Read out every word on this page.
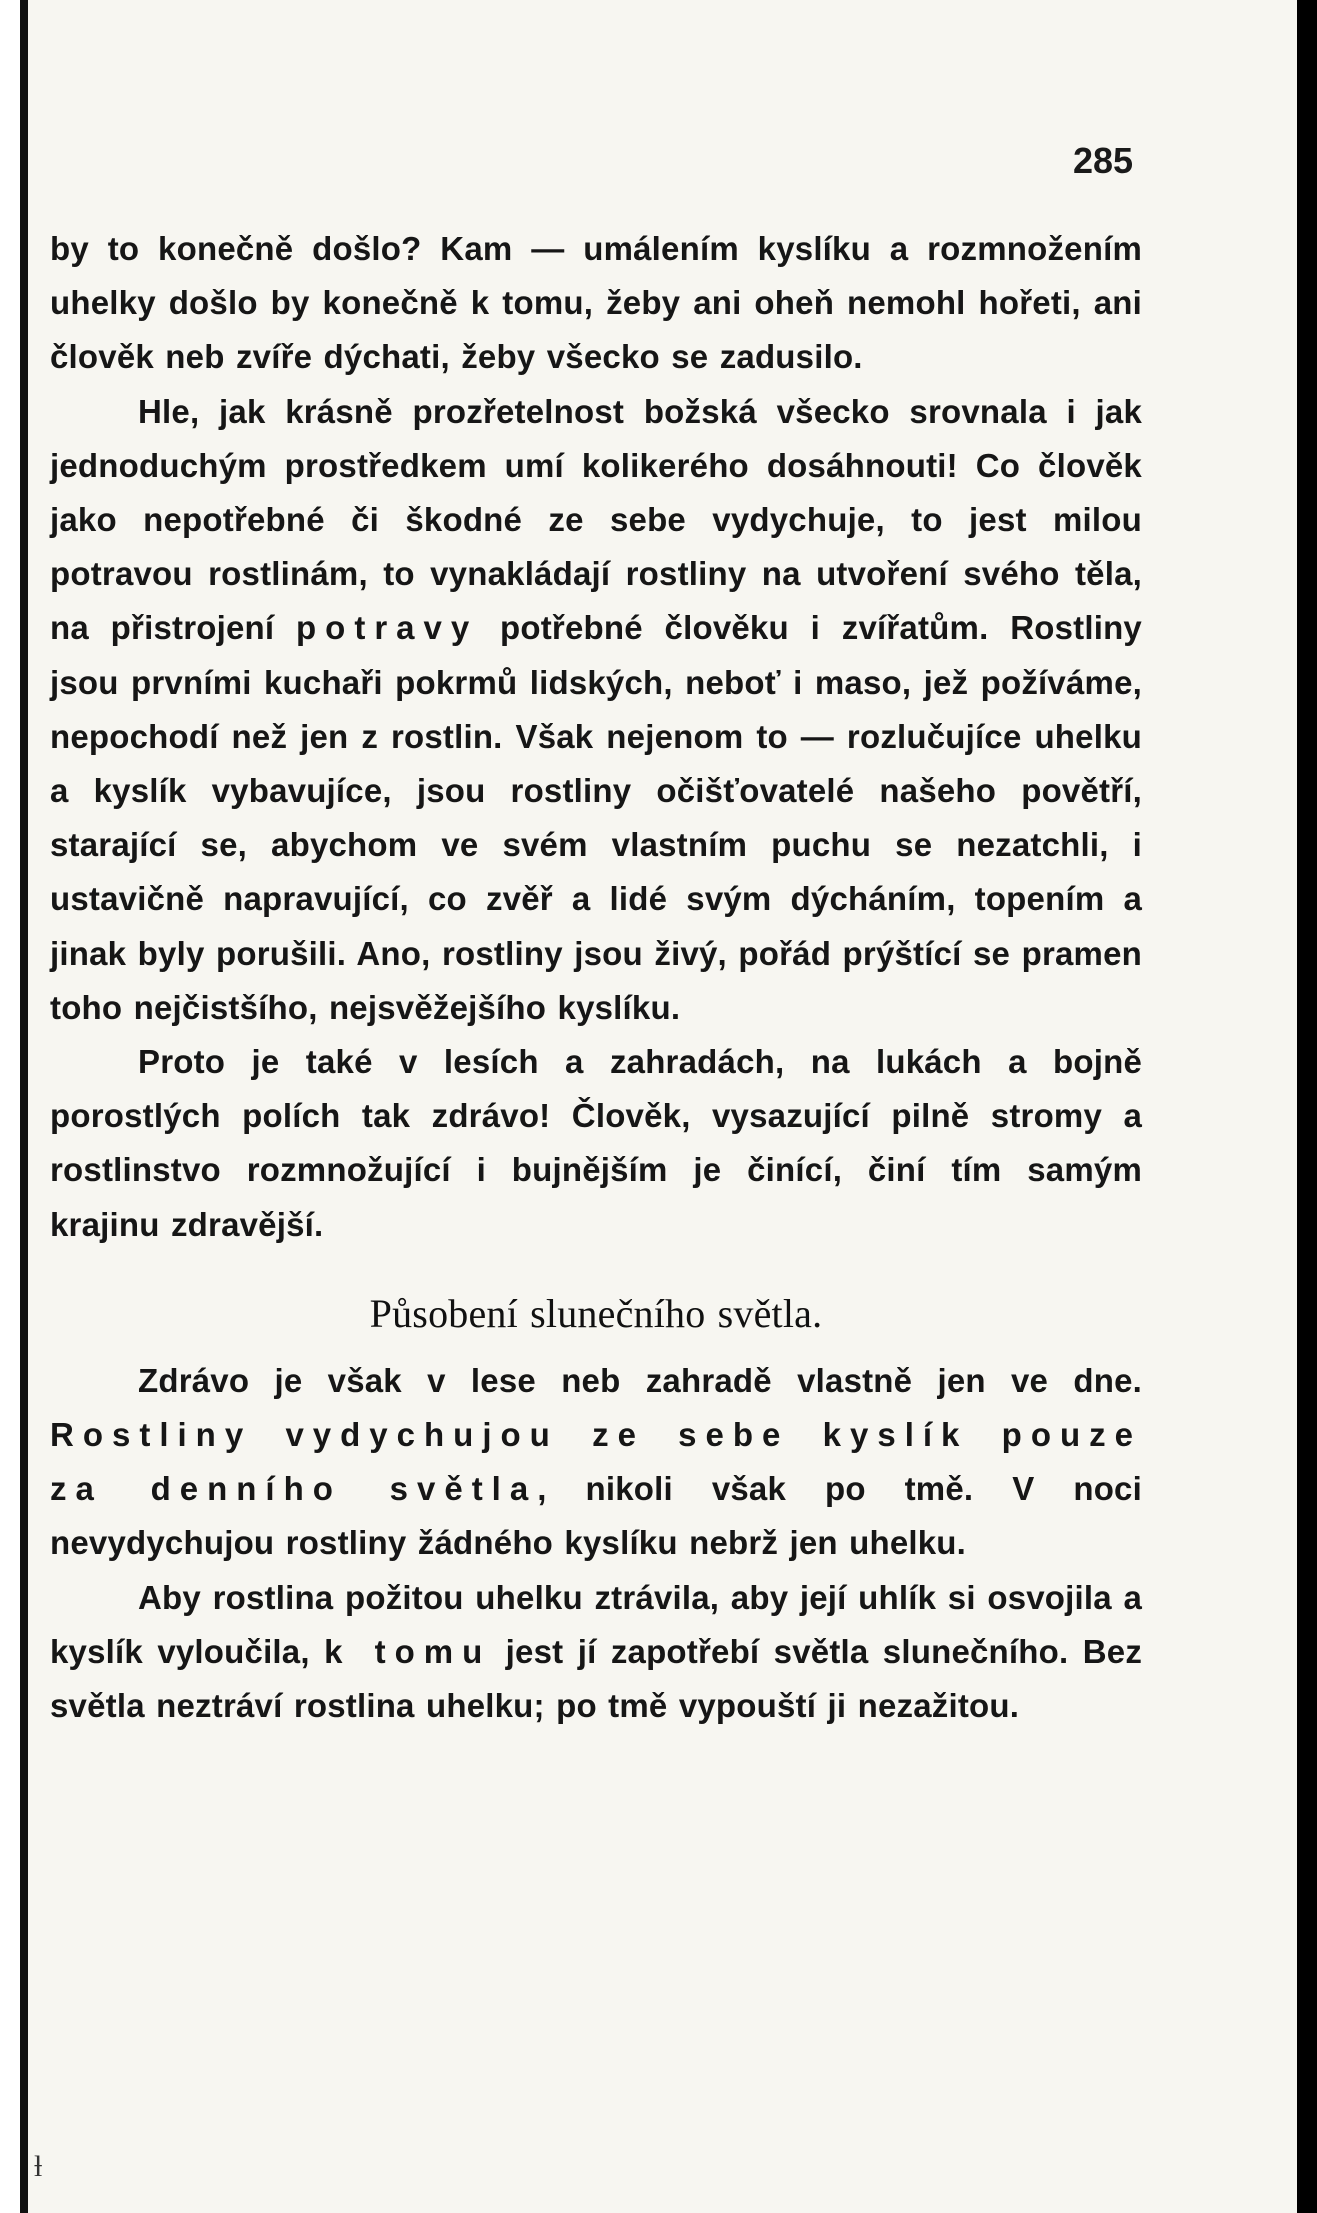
285

by to konečně došlo? Kam — umálením kyslíku a rozmnožením uhelky došlo by konečně k tomu, žeby ani oheň nemohl hořeti, ani člověk neb zvíře dýchati, žeby všecko se zadusilo.

Hle, jak krásně prozřetelnost božská všecko srovnala i jak jednoduchým prostředkem umí kolikerého dosáhnouti! Co člověk jako nepotřebné či škodné ze sebe vydychuje, to jest milou potravou rostlinám, to vynakládají rostliny na utvoření svého těla, na přistrojení potravy potřebné člověku i zvířatům. Rostliny jsou prvními kuchaři pokrmů lidských, neboť i maso, jež požíváme, nepochodí než jen z rostlin. Však nejenom to — rozlučujíce uhelku a kyslík vybavujíce, jsou rostliny očišťovatelé našeho povětří, starající se, abychom ve svém vlastním puchu se nezatchli, i ustavičně napravující, co zvěř a lidé svým dýcháním, topením a jinak byly porušili. Ano, rostliny jsou živý, pořád prýštící se pramen toho nejčistšího, nejsvěžejšího kyslíku.

Proto je také v lesích a zahradách, na lukách a bojně porostlých polích tak zdrávo! Člověk, vysazující pilně stromy a rostlinstvo rozmnožující i bujnějším je činící, činí tím samým krajinu zdravější.

Působení slunečního světla.

Zdrávo je však v lese neb zahradě vlastně jen ve dne. Rostliny vydychujou ze sebe kyslík pouze za denního světla, nikoli však po tmě. V noci nevydychujou rostliny žádného kyslíku nebrž jen uhelku.

Aby rostlina požitou uhelku ztrávila, aby její uhlík si osvojila a kyslík vyloučila, k tomu jest jí zapotřebí světla slunečního. Bez světla neztráví rostlina uhelku; po tmě vypouští ji nezažitou.

ƚ
